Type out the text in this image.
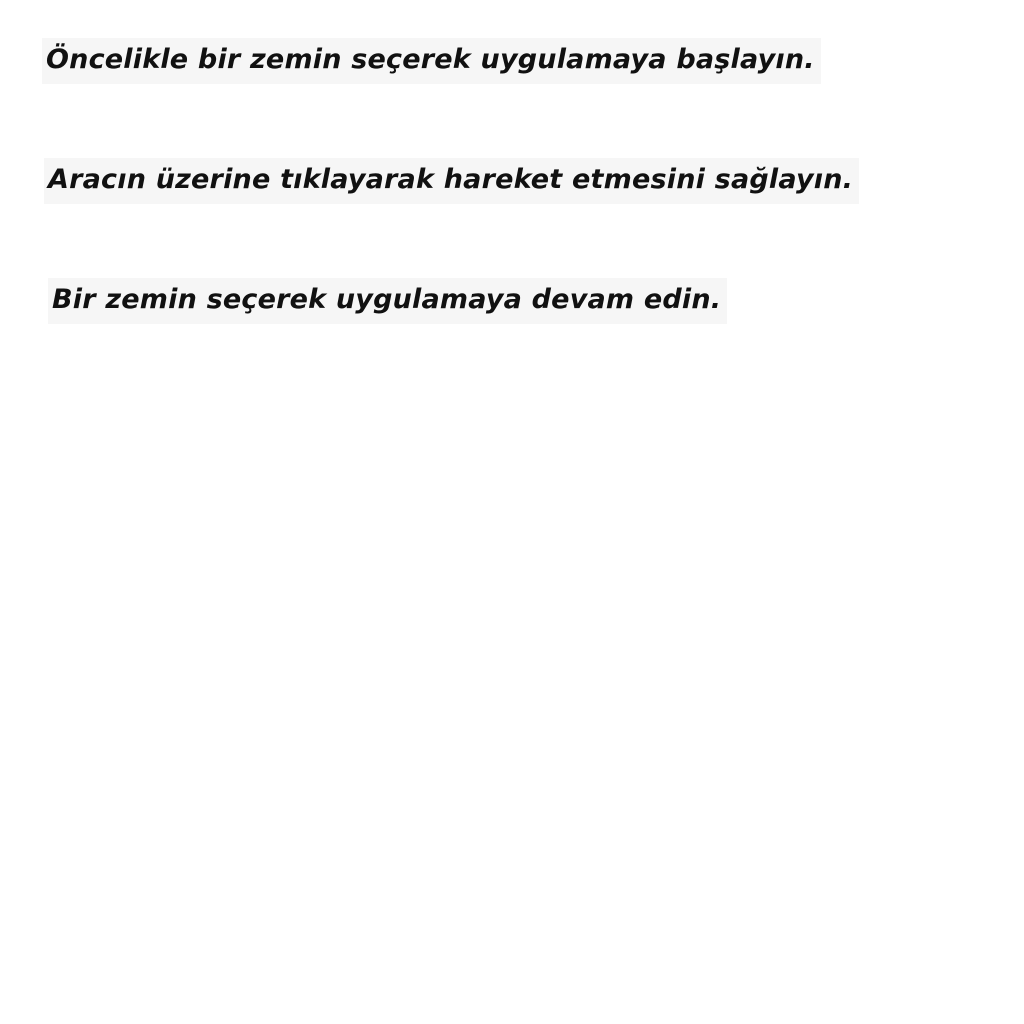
Öncelikle bir zemin seçerek uygulamaya başlayın.

Aracın üzerine tıklayarak hareket etmesini sağlayın.

Bir zemin seçerek uygulamaya devam edin.
